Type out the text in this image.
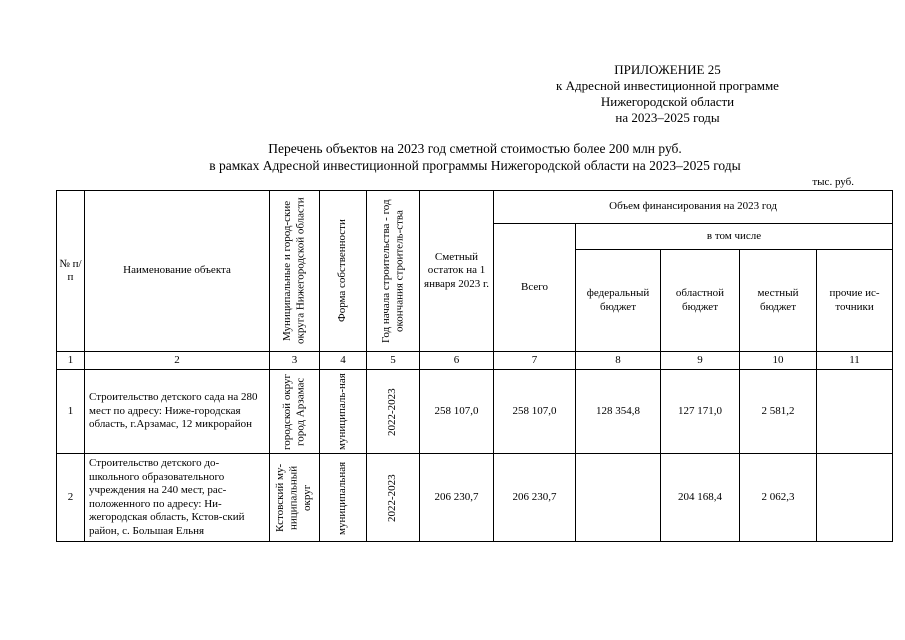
ПРИЛОЖЕНИЕ 25
к Адресной инвестиционной программе
Нижегородской области
на 2023–2025 годы
Перечень объектов на 2023 год сметной стоимостью более 200 млн руб.
в рамках Адресной инвестиционной программы Нижегородской области на 2023–2025 годы
тыс. руб.
№ п/п	Наименование объекта	Муниципальные и город-ские округа Нижегородской области	Форма собственности	Год начала строительства - год окончания строитель-ства	Сметный остаток на 1 января 2023 г.	Объем финансирования на 2023 год				
						Всего	в том числе			
							федеральный бюджет	областной бюджет	местный бюджет	прочие ис-точники
1	2	3	4	5	6	7	8	9	10	11
1	Строительство детского сада на 280 мест по адресу: Ниже-городская область, г.Арзамас, 12 микрорайон	городской округ город Арзамас	муниципаль-ная	2022-2023	258 107,0	258 107,0	128 354,8	127 171,0	2 581,2	
2	Строительство детского до-школьного образовательного учреждения на 240 мест, рас-положенного по адресу: Ни-жегородская область, Кстов-ский район, с. Большая Ельня	Кстовский му-ниципальный округ	муниципальная	2022-2023	206 230,7	206 230,7		204 168,4	2 062,3	
